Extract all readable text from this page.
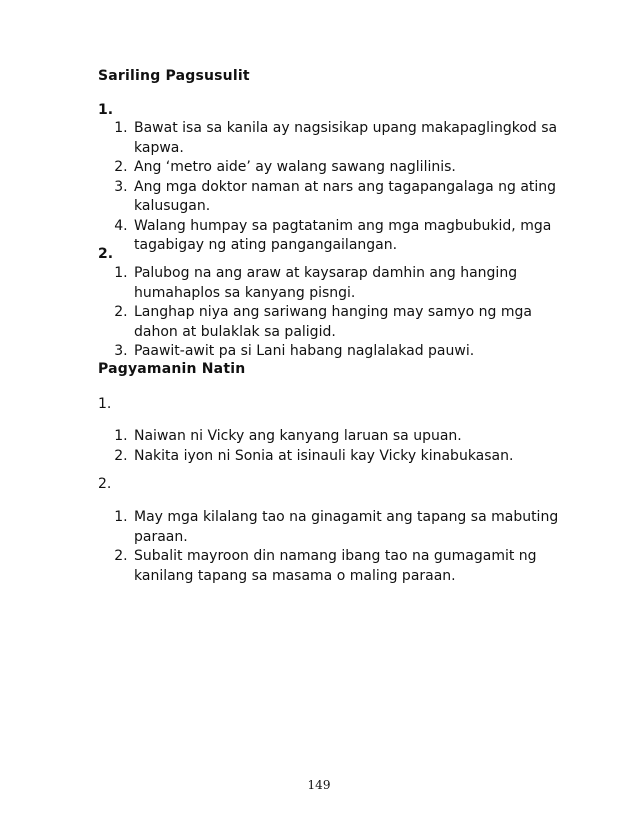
Sariling Pagsusulit

1.

1. Bawat isa sa kanila ay nagsisikap upang makapaglingkod sa kapwa.
2. Ang ‘metro aide’ ay walang sawang naglilinis.
3. Ang mga doktor naman at nars ang tagapangalaga ng ating kalusugan.
4. Walang humpay sa pagtatanim ang mga magbubukid, mga tagabigay ng ating pangangailangan.

2.

1. Palubog na ang araw at kaysarap damhin ang hanging humahaplos sa kanyang pisngi.
2. Langhap niya ang sariwang hanging may samyo ng mga dahon at bulaklak sa paligid.
3. Paawit-awit pa si Lani habang naglalakad pauwi.
Pagyamanin Natin

1.

1. Naiwan ni Vicky ang kanyang laruan sa upuan.
2. Nakita iyon ni Sonia at isinauli kay Vicky kinabukasan.

2.

1. May mga kilalang tao na ginagamit ang tapang sa mabuting paraan.
2. Subalit mayroon din namang ibang tao na gumagamit ng kanilang tapang sa masama o maling paraan.
149
